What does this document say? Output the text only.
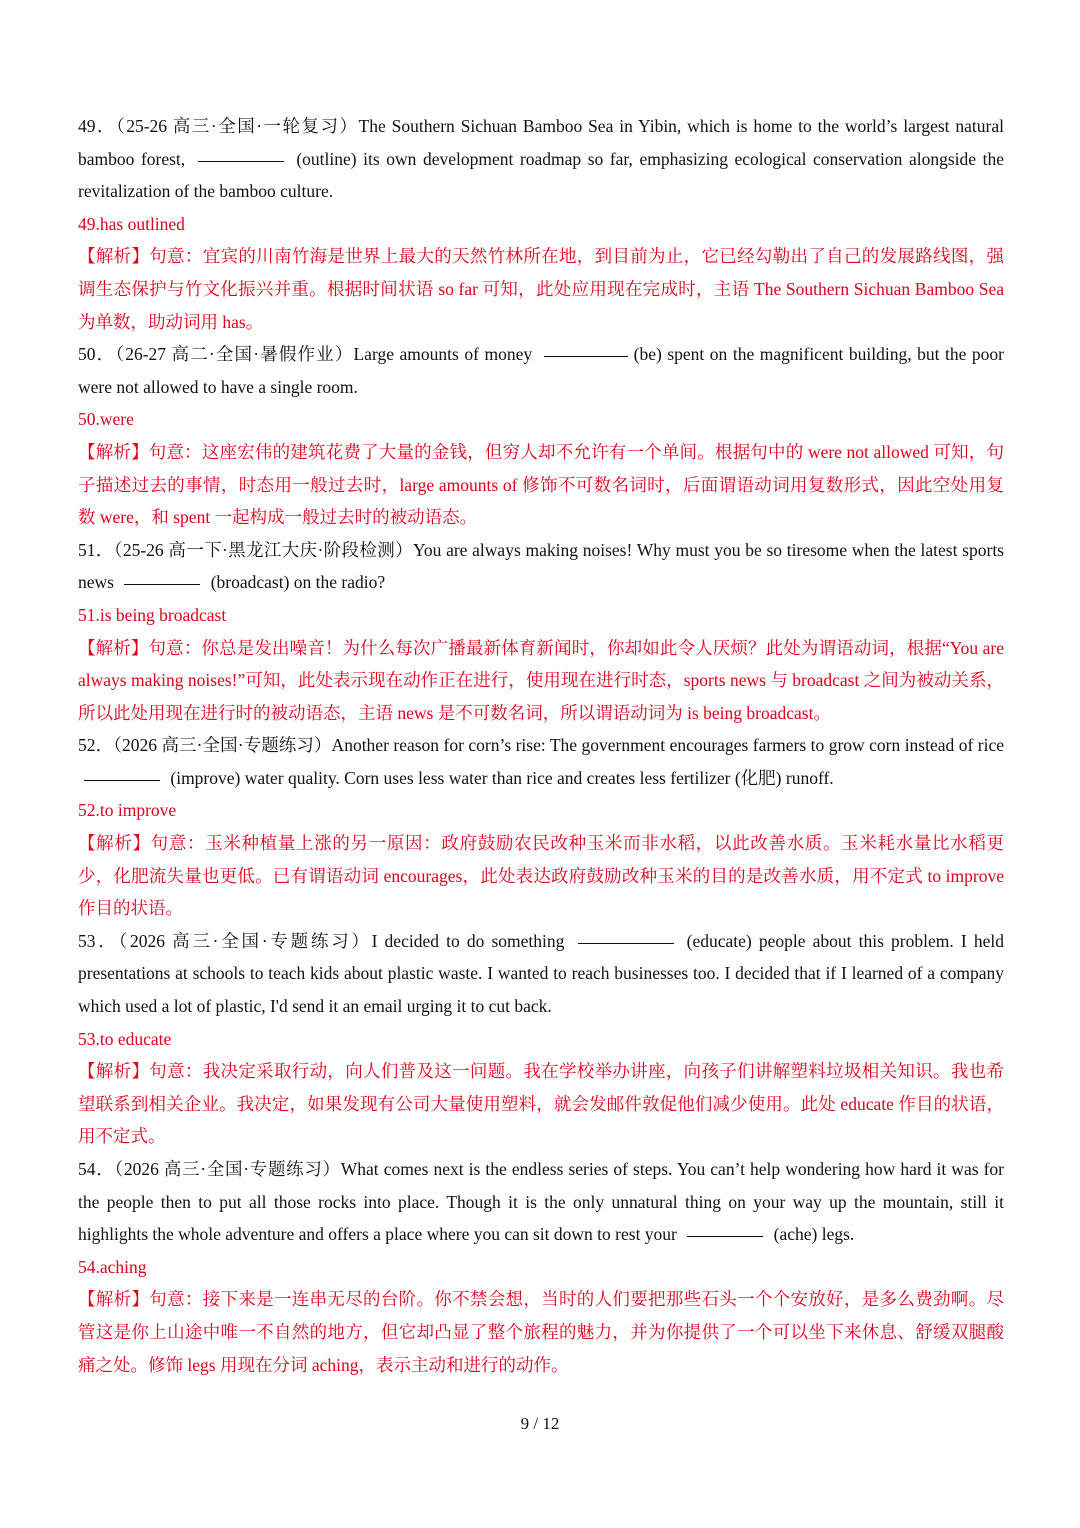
49．（25-26 高三·全国·一轮复习）The Southern Sichuan Bamboo Sea in Yibin, which is home to the world’s largest natural bamboo forest,	(outline) its own development roadmap so far, emphasizing ecological conservation alongside the revitalization of the bamboo culture.

49.has outlined

【解析】句意：宜宾的川南竹海是世界上最大的天然竹林所在地，到目前为止，它已经勾勒出了自己的发展路线图，强调生态保护与竹文化振兴并重。根据时间状语 so far 可知，此处应用现在完成时，主语 The Southern Sichuan Bamboo Sea 为单数，助动词用 has。

50．（26-27 高二·全国·暑假作业）Large amounts of money	(be) spent on the magnificent building, but the poor were not allowed to have a single room.

50.were

【解析】句意：这座宏伟的建筑花费了大量的金钱，但穷人却不允许有一个单间。根据句中的 were not allowed 可知，句子描述过去的事情，时态用一般过去时，large amounts of 修饰不可数名词时，后面谓语动词用复数形式，因此空处用复数 were，和 spent 一起构成一般过去时的被动语态。

51．（25-26 高一下·黑龙江大庆·阶段检测）You are always making noises! Why must you be so tiresome when the latest sports news	(broadcast) on the radio?

51.is being broadcast

【解析】句意：你总是发出噪音！为什么每次广播最新体育新闻时，你却如此令人厌烦？此处为谓语动词，根据“You are always making noises!”可知，此处表示现在动作正在进行，使用现在进行时态，sports news 与 broadcast 之间为被动关系，所以此处用现在进行时的被动语态，主语 news 是不可数名词，所以谓语动词为 is being broadcast。

52．（2026 高三·全国·专题练习）Another reason for corn’s rise: The government encourages farmers to grow corn instead of rice  (improve) water quality. Corn uses less water than rice and creates less fertilizer (化肥) runoff.

52.to improve

【解析】句意：玉米种植量上涨的另一原因：政府鼓励农民改种玉米而非水稻，以此改善水质。玉米耗水量比水稻更少，化肥流失量也更低。已有谓语动词 encourages，此处表达政府鼓励改种玉米的目的是改善水质，用不定式 to improve 作目的状语。

53．（2026 高三·全国·专题练习）I decided to do something	(educate) people about this problem. I held presentations at schools to teach kids about plastic waste. I wanted to reach businesses too. I decided that if I learned of a company which used a lot of plastic, I'd send it an email urging it to cut back.

53.to educate

【解析】句意：我决定采取行动，向人们普及这一问题。我在学校举办讲座，向孩子们讲解塑料垃圾相关知识。我也希望联系到相关企业。我决定，如果发现有公司大量使用塑料，就会发邮件敦促他们减少使用。此处 educate 作目的状语，用不定式。

54．（2026 高三·全国·专题练习）What comes next is the endless series of steps. You can’t help wondering how hard it was for the people then to put all those rocks into place. Though it is the only unnatural thing on your way up the mountain, still it highlights the whole adventure and offers a place where you can sit down to rest your	(ache) legs.

54.aching

【解析】句意：接下来是一连串无尽的台阶。你不禁会想，当时的人们要把那些石头一个个安放好，是多么费劲啊。尽管这是你上山途中唯一不自然的地方，但它却凸显了整个旅程的魅力，并为你提供了一个可以坐下来休息、舒缓双腿酸痛之处。修饰 legs 用现在分词 aching，表示主动和进行的动作。

9 / 12
